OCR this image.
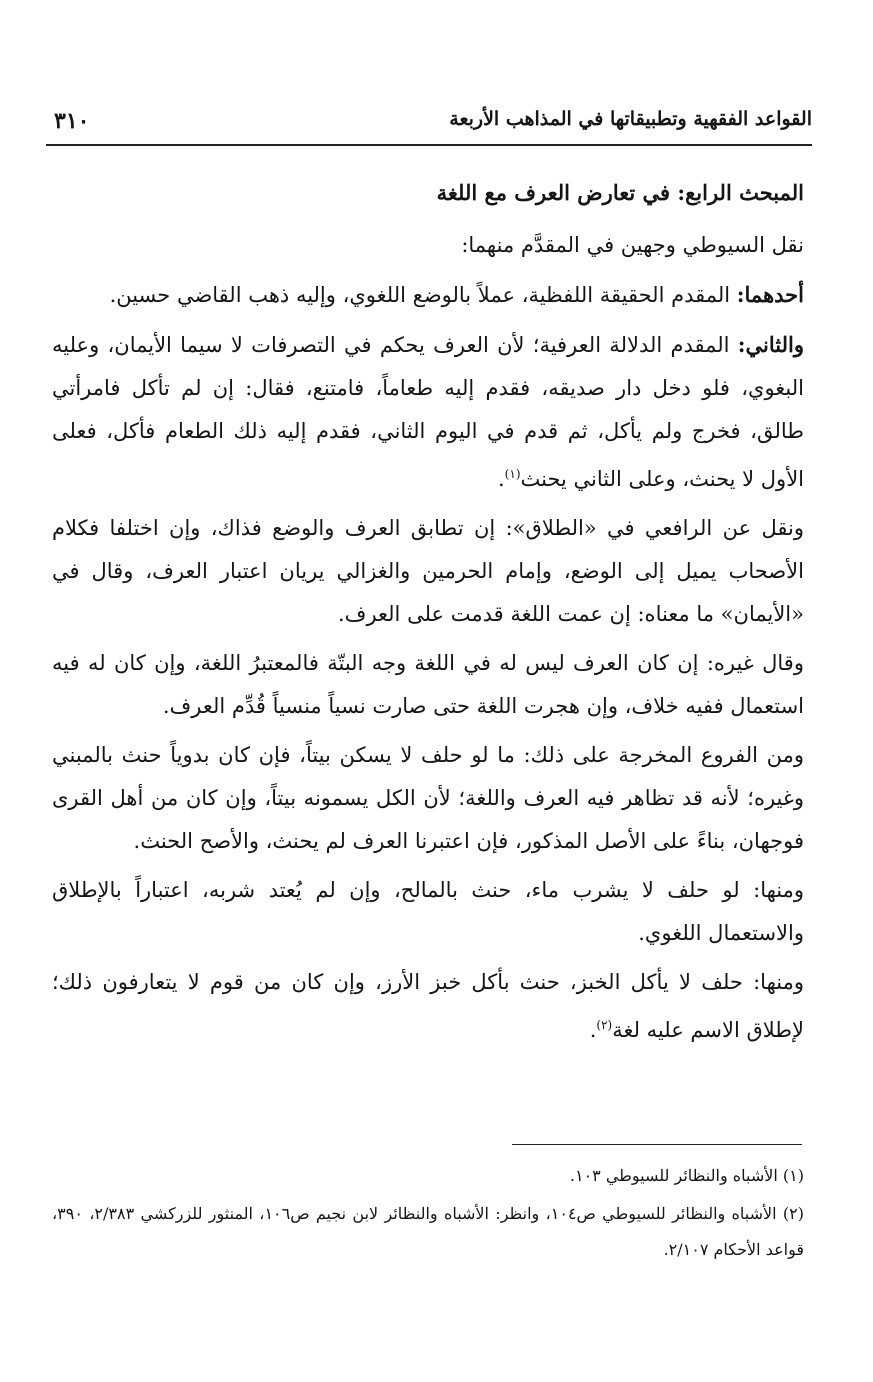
القواعد الفقهية وتطبيقاتها في المذاهب الأربعة
٣١٠
المبحث الرابع: في تعارض العرف مع اللغة

نقل السيوطي وجهين في المقدَّم منهما:

أحدهما: المقدم الحقيقة اللفظية، عملاً بالوضع اللغوي، وإليه ذهب القاضي حسين.

والثاني: المقدم الدلالة العرفية؛ لأن العرف يحكم في التصرفات لا سيما الأيمان، وعليه البغوي، فلو دخل دار صديقه، فقدم إليه طعاماً، فامتنع، فقال: إن لم تأكل فامرأتي طالق، فخرج ولم يأكل، ثم قدم في اليوم الثاني، فقدم إليه ذلك الطعام فأكل، فعلى الأول لا يحنث، وعلى الثاني يحنث$^{(١)}$.

ونقل عن الرافعي في «الطلاق»: إن تطابق العرف والوضع فذاك، وإن اختلفا فكلام الأصحاب يميل إلى الوضع، وإمام الحرمين والغزالي يريان اعتبار العرف، وقال في «الأيمان» ما معناه: إن عمت اللغة قدمت على العرف.

وقال غيره: إن كان العرف ليس له في اللغة وجه البتّة فالمعتبرُ اللغة، وإن كان له فيه استعمال ففيه خلاف، وإن هجرت اللغة حتى صارت نسياً منسياً قُدِّم العرف.

ومن الفروع المخرجة على ذلك: ما لو حلف لا يسكن بيتاً، فإن كان بدوياً حنث بالمبني وغيره؛ لأنه قد تظاهر فيه العرف واللغة؛ لأن الكل يسمونه بيتاً، وإن كان من أهل القرى فوجهان، بناءً على الأصل المذكور، فإن اعتبرنا العرف لم يحنث، والأصح الحنث.

ومنها: لو حلف لا يشرب ماء، حنث بالمالح، وإن لم يُعتد شربه، اعتباراً بالإطلاق والاستعمال اللغوي.

ومنها: حلف لا يأكل الخبز، حنث بأكل خبز الأرز، وإن كان من قوم لا يتعارفون ذلك؛ لإطلاق الاسم عليه لغة$^{(٢)}$.

(١) الأشباه والنظائر للسيوطي ١٠٣.

(٢) الأشباه والنظائر للسيوطي ص١٠٤، وانظر: الأشباه والنظائر لابن نجيم ص١٠٦، المنثور للزركشي ٢/٣٨٣، ٣٩٠، قواعد الأحكام ٢/١٠٧.
